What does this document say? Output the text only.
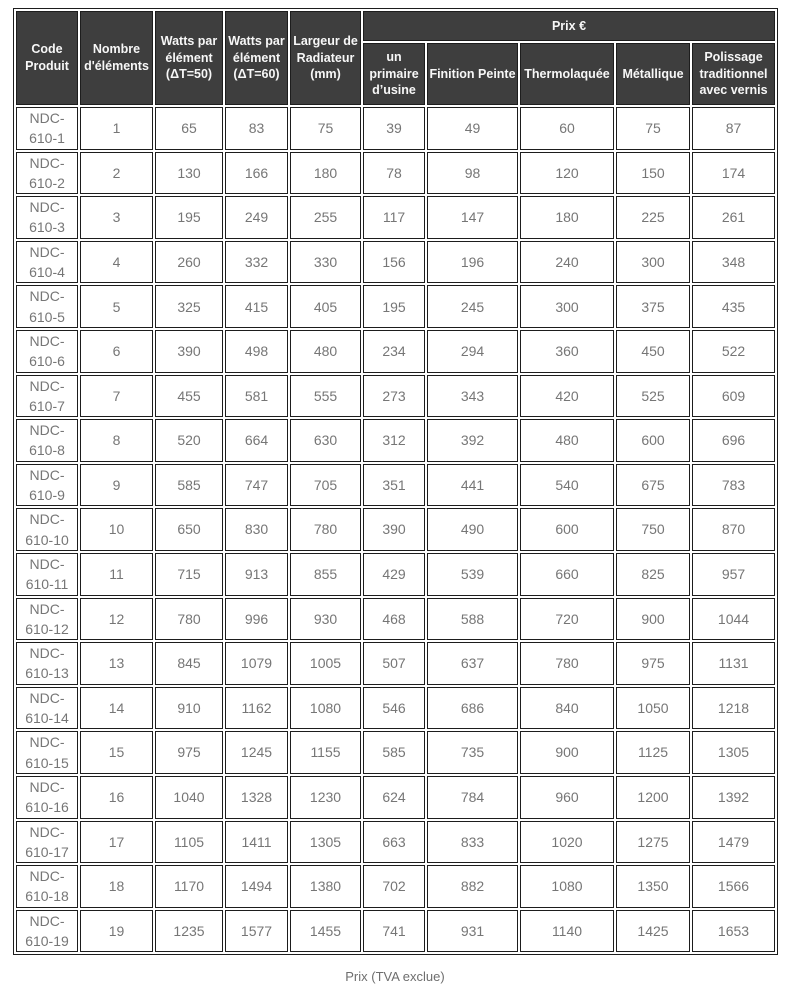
Code Produit	Nombre d'éléments	Watts par élément (ΔT=50)	Watts par élément (ΔT=60)	Largeur de Radiateur (mm)	Prix €				
					un primaire d’usine	Finition Peinte	Thermolaquée	Métallique	Polissage traditionnel avec vernis
NDC-610-1	1	65	83	75	39	49	60	75	87
NDC-610-2	2	130	166	180	78	98	120	150	174
NDC-610-3	3	195	249	255	117	147	180	225	261
NDC-610-4	4	260	332	330	156	196	240	300	348
NDC-610-5	5	325	415	405	195	245	300	375	435
NDC-610-6	6	390	498	480	234	294	360	450	522
NDC-610-7	7	455	581	555	273	343	420	525	609
NDC-610-8	8	520	664	630	312	392	480	600	696
NDC-610-9	9	585	747	705	351	441	540	675	783
NDC-610-10	10	650	830	780	390	490	600	750	870
NDC-610-11	11	715	913	855	429	539	660	825	957
NDC-610-12	12	780	996	930	468	588	720	900	1044
NDC-610-13	13	845	1079	1005	507	637	780	975	1131
NDC-610-14	14	910	1162	1080	546	686	840	1050	1218
NDC-610-15	15	975	1245	1155	585	735	900	1125	1305
NDC-610-16	16	1040	1328	1230	624	784	960	1200	1392
NDC-610-17	17	1105	1411	1305	663	833	1020	1275	1479
NDC-610-18	18	1170	1494	1380	702	882	1080	1350	1566
NDC-610-19	19	1235	1577	1455	741	931	1140	1425	1653
Prix (TVA exclue)
